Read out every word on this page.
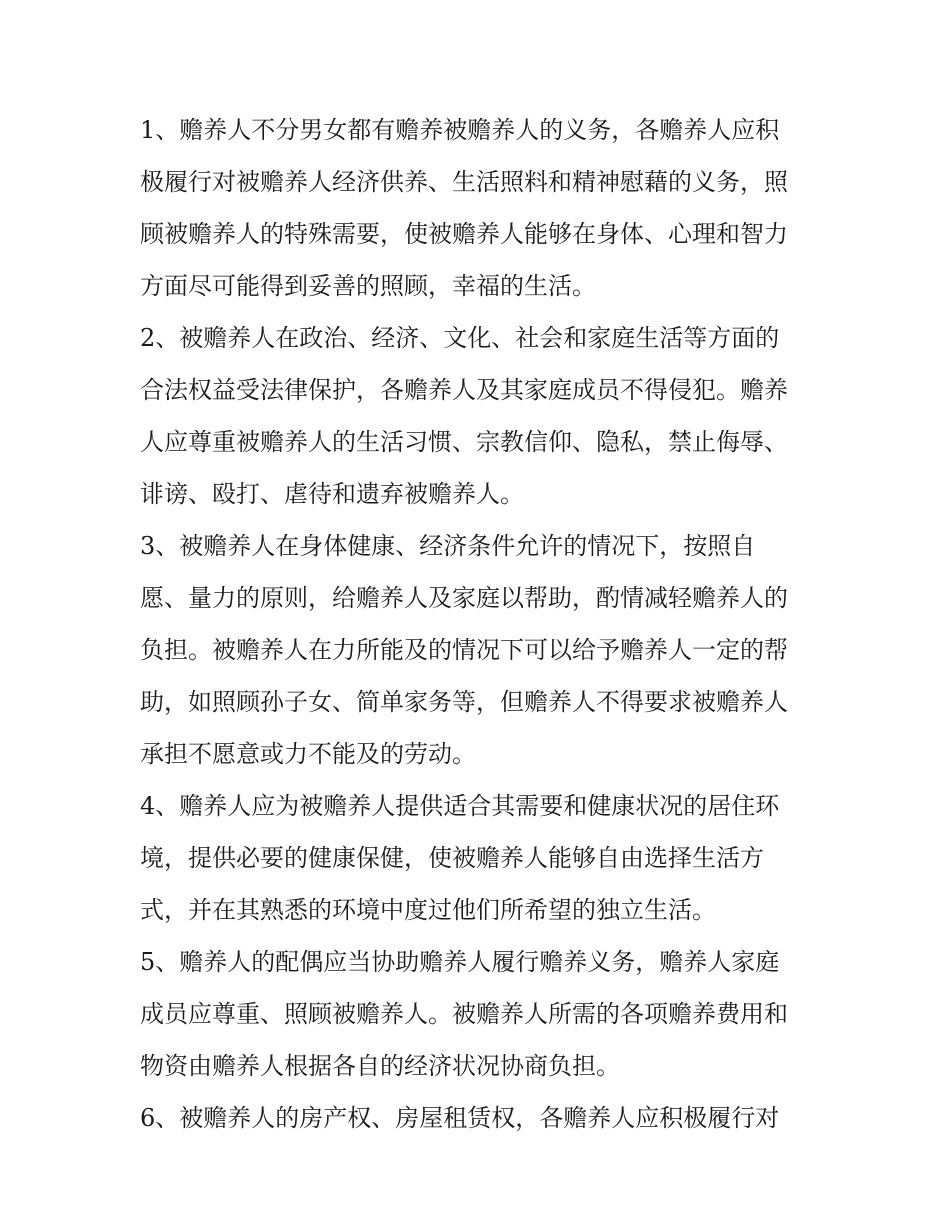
1、赡养人不分男女都有赡养被赡养人的义务，各赡养人应积
极履行对被赡养人经济供养、生活照料和精神慰藉的义务，照
顾被赡养人的特殊需要，使被赡养人能够在身体、心理和智力
方面尽可能得到妥善的照顾，幸福的生活。
2、被赡养人在政治、经济、文化、社会和家庭生活等方面的
合法权益受法律保护，各赡养人及其家庭成员不得侵犯。赡养
人应尊重被赡养人的生活习惯、宗教信仰、隐私，禁止侮辱、
诽谤、殴打、虐待和遗弃被赡养人。
3、被赡养人在身体健康、经济条件允许的情况下，按照自
愿、量力的原则，给赡养人及家庭以帮助，酌情减轻赡养人的
负担。被赡养人在力所能及的情况下可以给予赡养人一定的帮
助，如照顾孙子女、简单家务等，但赡养人不得要求被赡养人
承担不愿意或力不能及的劳动。
4、赡养人应为被赡养人提供适合其需要和健康状况的居住环
境，提供必要的健康保健，使被赡养人能够自由选择生活方
式，并在其熟悉的环境中度过他们所希望的独立生活。
5、赡养人的配偶应当协助赡养人履行赡养义务，赡养人家庭
成员应尊重、照顾被赡养人。被赡养人所需的各项赡养费用和
物资由赡养人根据各自的经济状况协商负担。
6、被赡养人的房产权、房屋租赁权，各赡养人应积极履行对
